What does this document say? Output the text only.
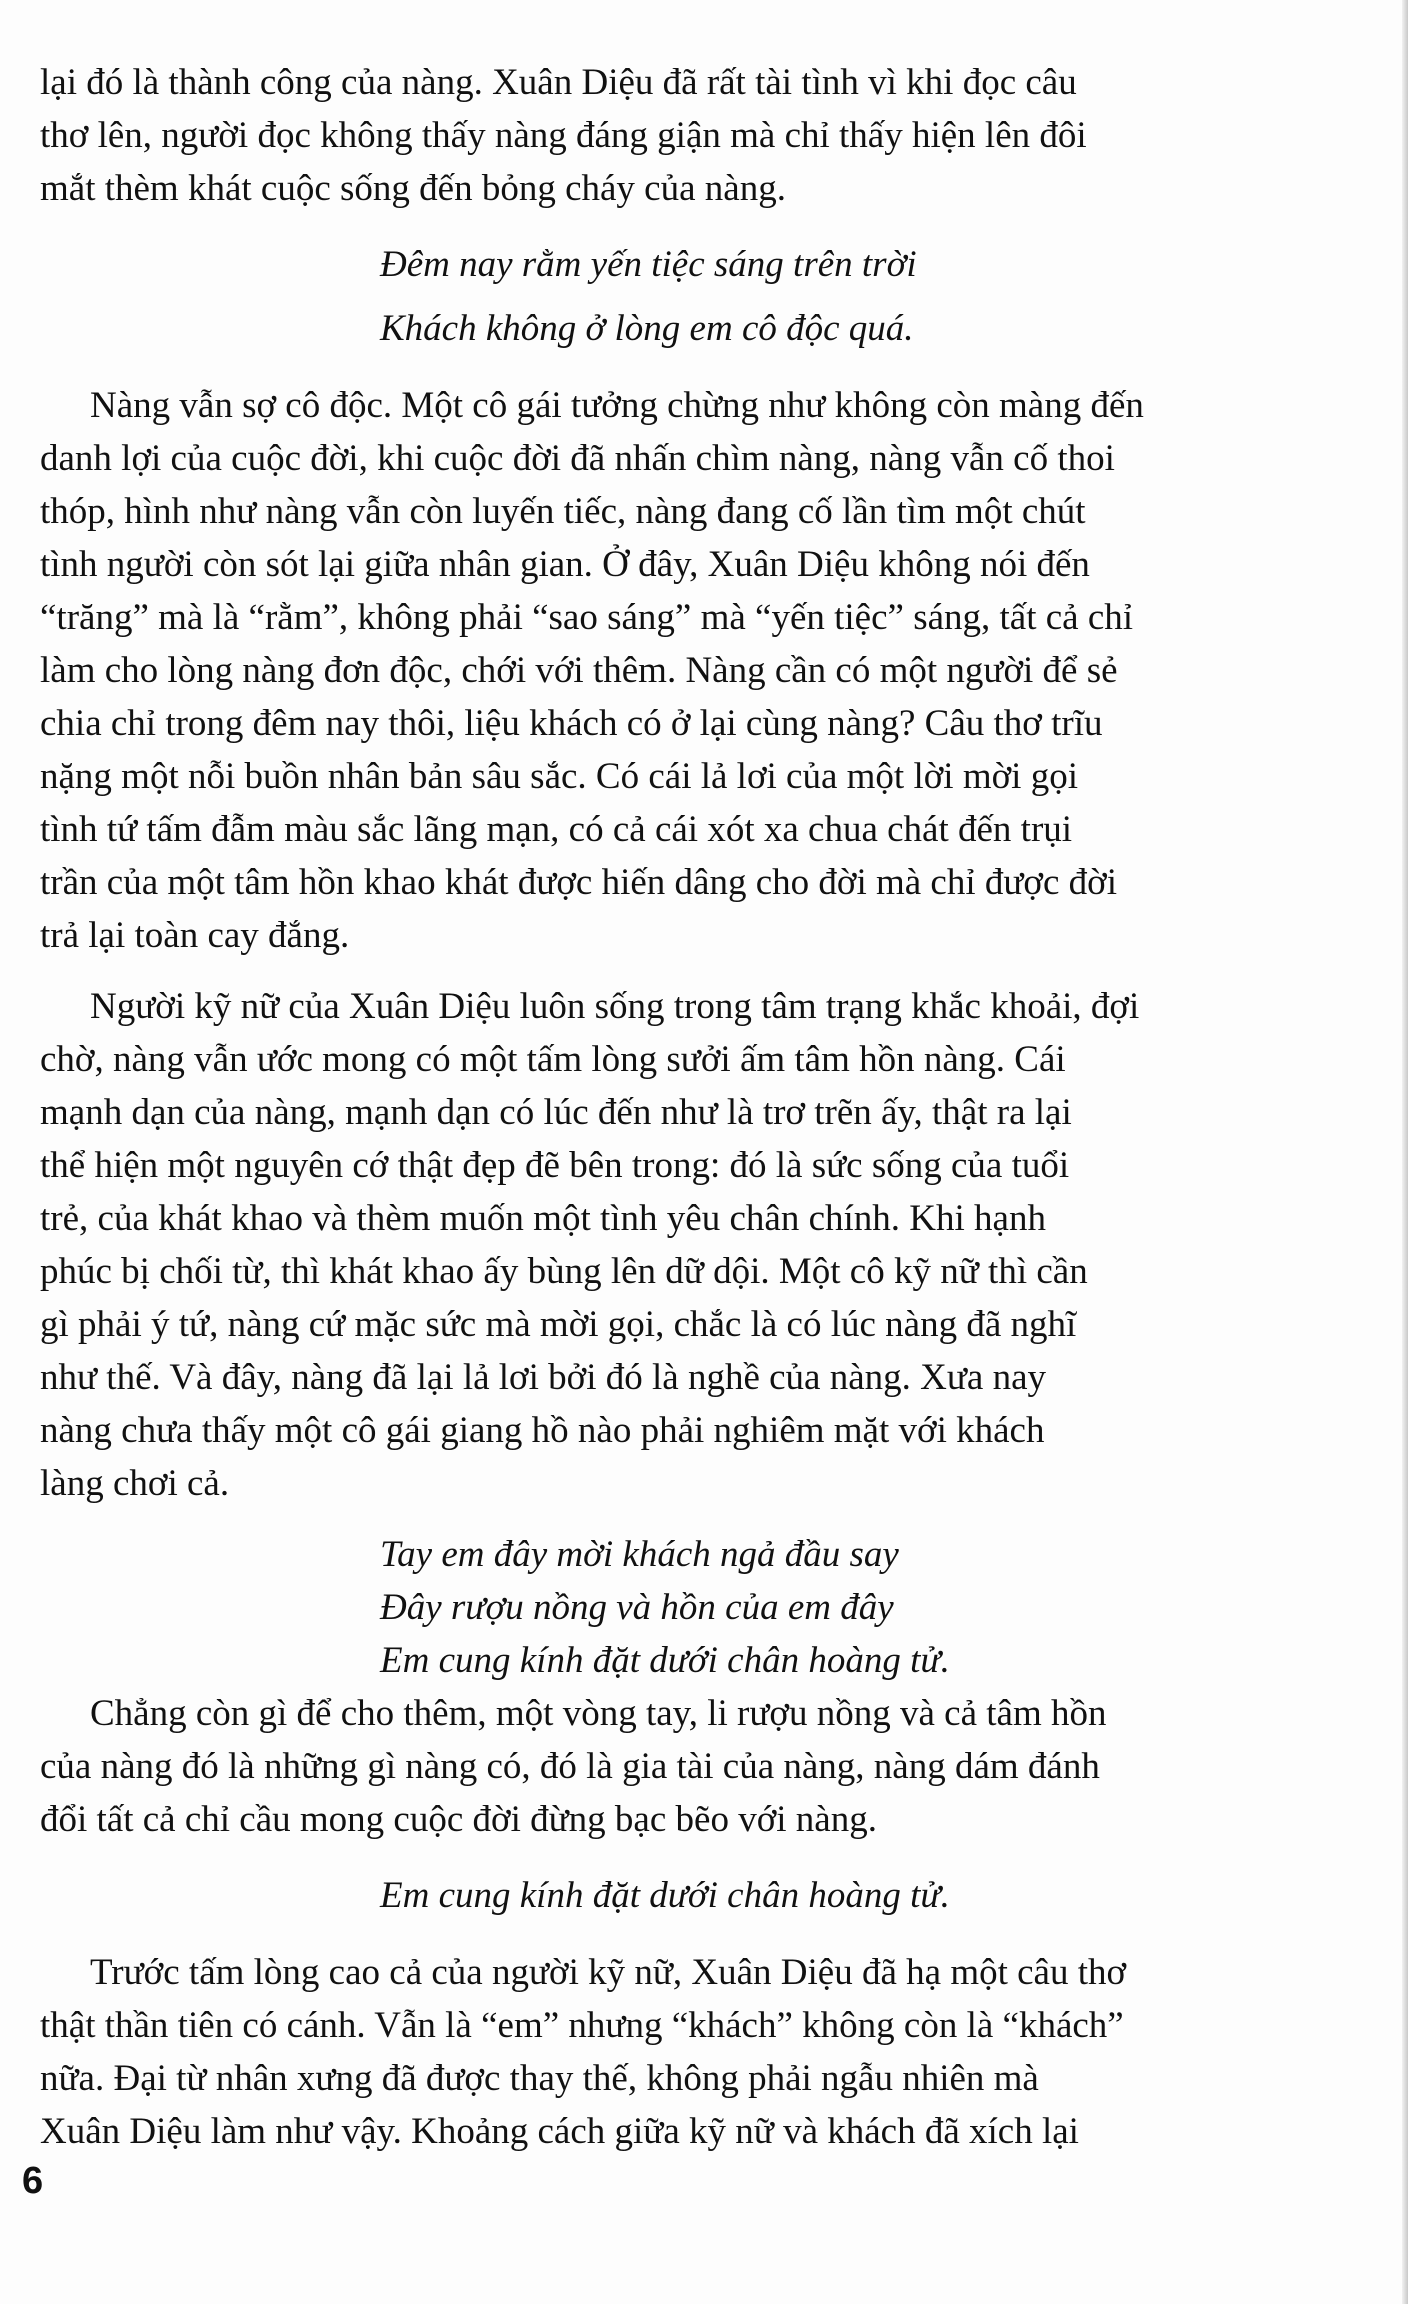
lại đó là thành công của nàng. Xuân Diệu đã rất tài tình vì khi đọc câu

thơ lên, người đọc không thấy nàng đáng giận mà chỉ thấy hiện lên đôi

mắt thèm khát cuộc sống đến bỏng cháy của nàng.

Đêm nay rằm yến tiệc sáng trên trời

Khách không ở lòng em cô độc quá.

Nàng vẫn sợ cô độc. Một cô gái tưởng chừng như không còn màng đến

danh lợi của cuộc đời, khi cuộc đời đã nhấn chìm nàng, nàng vẫn cố thoi

thóp, hình như nàng vẫn còn luyến tiếc, nàng đang cố lần tìm một chút

tình người còn sót lại giữa nhân gian. Ở đây, Xuân Diệu không nói đến

“trăng” mà là “rằm”, không phải “sao sáng” mà “yến tiệc” sáng, tất cả chỉ

làm cho lòng nàng đơn độc, chới với thêm. Nàng cần có một người để sẻ

chia chỉ trong đêm nay thôi, liệu khách có ở lại cùng nàng? Câu thơ trĩu

nặng một nỗi buồn nhân bản sâu sắc. Có cái lả lơi của một lời mời gọi

tình tứ tấm đẫm màu sắc lãng mạn, có cả cái xót xa chua chát đến trụi

trần của một tâm hồn khao khát được hiến dâng cho đời mà chỉ được đời

trả lại toàn cay đắng.

Người kỹ nữ của Xuân Diệu luôn sống trong tâm trạng khắc khoải, đợi

chờ, nàng vẫn ước mong có một tấm lòng sưởi ấm tâm hồn nàng. Cái

mạnh dạn của nàng, mạnh dạn có lúc đến như là trơ trẽn ấy, thật ra lại

thể hiện một nguyên cớ thật đẹp đẽ bên trong: đó là sức sống của tuổi

trẻ, của khát khao và thèm muốn một tình yêu chân chính. Khi hạnh

phúc bị chối từ, thì khát khao ấy bùng lên dữ dội. Một cô kỹ nữ thì cần

gì phải ý tứ, nàng cứ mặc sức mà mời gọi, chắc là có lúc nàng đã nghĩ

như thế. Và đây, nàng đã lại lả lơi bởi đó là nghề của nàng. Xưa nay

nàng chưa thấy một cô gái giang hồ nào phải nghiêm mặt với khách

làng chơi cả.

Tay em đây mời khách ngả đầu say

Đây rượu nồng và hồn của em đây

Em cung kính đặt dưới chân hoàng tử.

Chẳng còn gì để cho thêm, một vòng tay, li rượu nồng và cả tâm hồn

của nàng đó là những gì nàng có, đó là gia tài của nàng, nàng dám đánh

đổi tất cả chỉ cầu mong cuộc đời đừng bạc bẽo với nàng.

Em cung kính đặt dưới chân hoàng tử.

Trước tấm lòng cao cả của người kỹ nữ, Xuân Diệu đã hạ một câu thơ

thật thần tiên có cánh. Vẫn là “em” nhưng “khách” không còn là “khách”

nữa. Đại từ nhân xưng đã được thay thế, không phải ngẫu nhiên mà

Xuân Diệu làm như vậy. Khoảng cách giữa kỹ nữ và khách đã xích lại

6
